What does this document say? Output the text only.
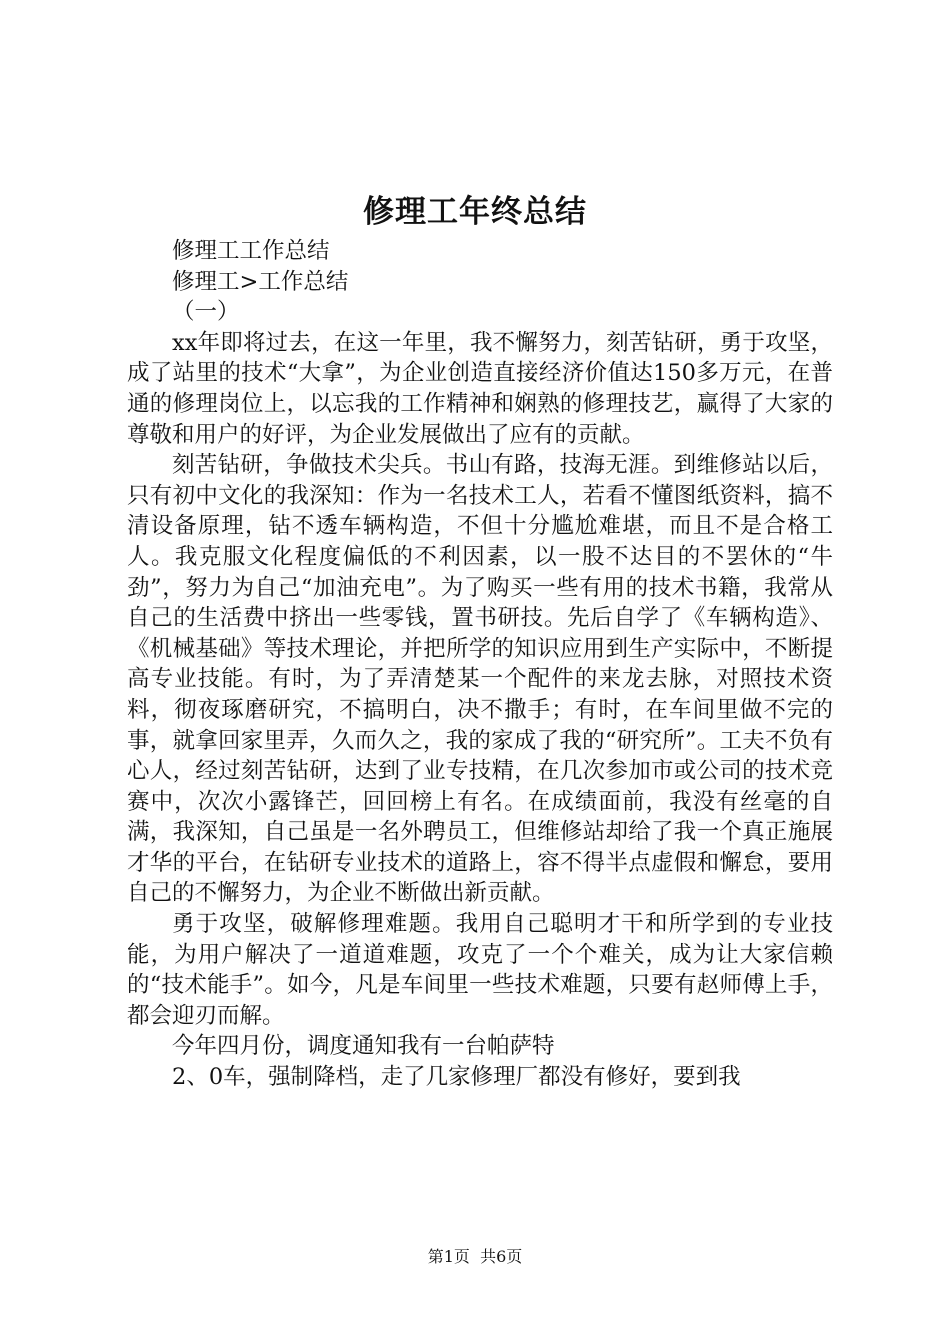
修理工年终总结

修理工工作总结

修理工>工作总结

（一）

xx年即将过去，在这一年里，我不懈努力，刻苦钻研，勇于攻坚，成了站里的技术“大拿”，为企业创造直接经济价值达150多万元，在普通的修理岗位上，以忘我的工作精神和娴熟的修理技艺，赢得了大家的尊敬和用户的好评，为企业发展做出了应有的贡献。

刻苦钻研，争做技术尖兵。书山有路，技海无涯。到维修站以后，只有初中文化的我深知：作为一名技术工人，若看不懂图纸资料，搞不清设备原理，钻不透车辆构造，不但十分尴尬难堪，而且不是合格工人。我克服文化程度偏低的不利因素，以一股不达目的不罢休的“牛劲”，努力为自己“加油充电”。为了购买一些有用的技术书籍，我常从自己的生活费中挤出一些零钱，置书研技。先后自学了《车辆构造》、《机械基础》等技术理论，并把所学的知识应用到生产实际中，不断提高专业技能。有时，为了弄清楚某一个配件的来龙去脉，对照技术资料，彻夜琢磨研究，不搞明白，决不撒手；有时，在车间里做不完的事，就拿回家里弄，久而久之，我的家成了我的“研究所”。工夫不负有心人，经过刻苦钻研，达到了业专技精，在几次参加市或公司的技术竞赛中，次次小露锋芒，回回榜上有名。在成绩面前，我没有丝毫的自满，我深知，自己虽是一名外聘员工，但维修站却给了我一个真正施展才华的平台，在钻研专业技术的道路上，容不得半点虚假和懈怠，要用自己的不懈努力，为企业不断做出新贡献。

勇于攻坚，破解修理难题。我用自己聪明才干和所学到的专业技能，为用户解决了一道道难题，攻克了一个个难关，成为让大家信赖的“技术能手”。如今，凡是车间里一些技术难题，只要有赵师傅上手，都会迎刃而解。

今年四月份，调度通知我有一台帕萨特

2、0车，强制降档，走了几家修理厂都没有修好，要到我

第1页  共6页
